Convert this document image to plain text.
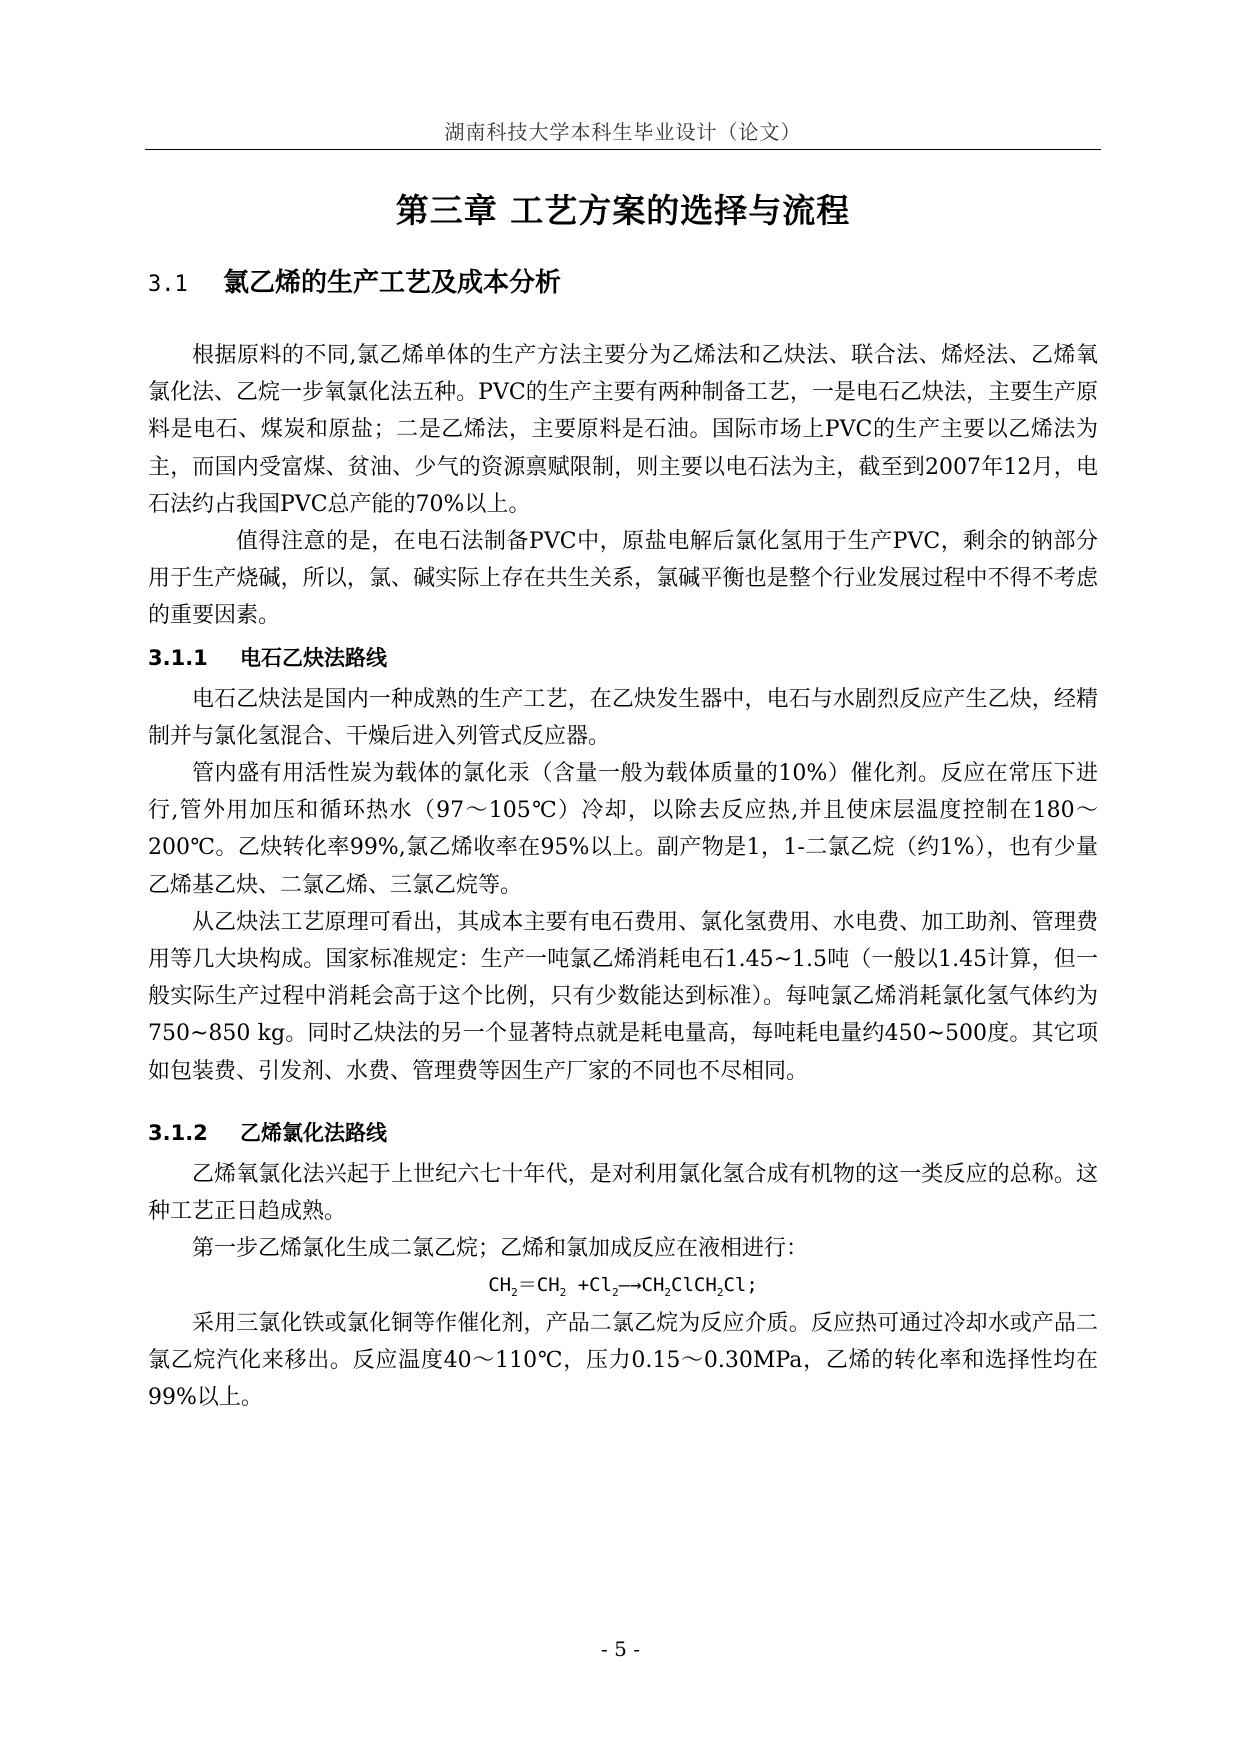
湖南科技大学本科生毕业设计（论文）
第三章 工艺方案的选择与流程
3.1 氯乙烯的生产工艺及成本分析

根据原料的不同,氯乙烯单体的生产方法主要分为乙烯法和乙炔法、联合法、烯烃法、乙烯氧氯化法、乙烷一步氧氯化法五种。PVC的生产主要有两种制备工艺，一是电石乙炔法，主要生产原料是电石、煤炭和原盐；二是乙烯法，主要原料是石油。国际市场上PVC的生产主要以乙烯法为主，而国内受富煤、贫油、少气的资源禀赋限制，则主要以电石法为主，截至到2007年12月，电石法约占我国PVC总产能的70%以上。

值得注意的是，在电石法制备PVC中，原盐电解后氯化氢用于生产PVC，剩余的钠部分用于生产烧碱，所以，氯、碱实际上存在共生关系，氯碱平衡也是整个行业发展过程中不得不考虑的重要因素。

3.1.1 电石乙炔法路线

电石乙炔法是国内一种成熟的生产工艺，在乙炔发生器中，电石与水剧烈反应产生乙炔，经精制并与氯化氢混合、干燥后进入列管式反应器。

管内盛有用活性炭为载体的氯化汞（含量一般为载体质量的10%）催化剂。反应在常压下进行,管外用加压和循环热水（97～105℃）冷却，以除去反应热,并且使床层温度控制在180～200℃。乙炔转化率99%,氯乙烯收率在95%以上。副产物是1，1-二氯乙烷（约1%），也有少量乙烯基乙炔、二氯乙烯、三氯乙烷等。

从乙炔法工艺原理可看出，其成本主要有电石费用、氯化氢费用、水电费、加工助剂、管理费用等几大块构成。国家标准规定：生产一吨氯乙烯消耗电石1.45~1.5吨（一般以1.45计算，但一般实际生产过程中消耗会高于这个比例，只有少数能达到标准）。每吨氯乙烯消耗氯化氢气体约为750~850 kg。同时乙炔法的另一个显著特点就是耗电量高，每吨耗电量约450~500度。其它项如包装费、引发剂、水费、管理费等因生产厂家的不同也不尽相同。

3.1.2 乙烯氯化法路线

乙烯氧氯化法兴起于上世纪六七十年代，是对利用氯化氢合成有机物的这一类反应的总称。这种工艺正日趋成熟。

第一步乙烯氯化生成二氯乙烷；乙烯和氯加成反应在液相进行：

$CH_2=CH_2$ $+Cl_2—\to CH_2ClCH_2Cl$;

采用三氯化铁或氯化铜等作催化剂，产品二氯乙烷为反应介质。反应热可通过冷却水或产品二氯乙烷汽化来移出。反应温度40～110℃，压力0.15～0.30MPa，乙烯的转化率和选择性均在99%以上。

- 5 -
